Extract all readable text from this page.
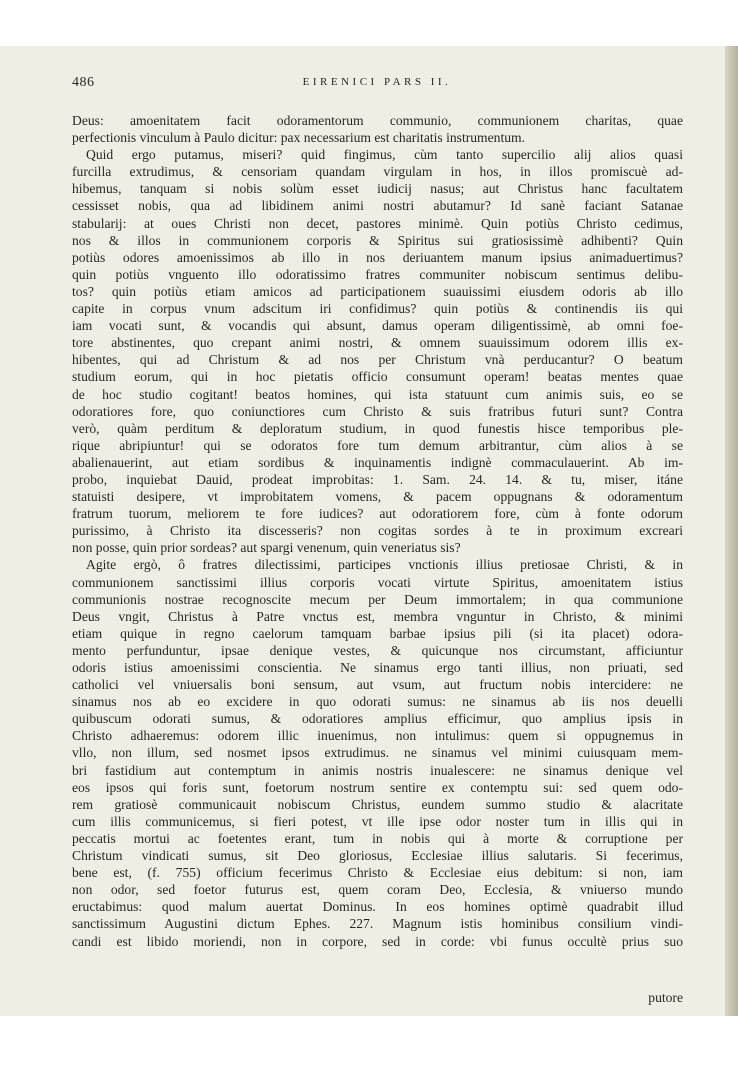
486	EIRENICI PARS II.

Deus: amoenitatem facit odoramentorum communio, communionem charitas, quae

perfectionis vinculum à Paulo dicitur: pax necessarium est charitatis instrumentum.

Quid ergo putamus, miseri? quid fingimus, cùm tanto supercilio alij alios quasi

furcilla extrudimus, & censoriam quandam virgulam in hos, in illos promiscuè ad-

hibemus, tanquam si nobis solùm esset iudicij nasus; aut Christus hanc facultatem

cessisset nobis, qua ad libidinem animi nostri abutamur? Id sanè faciant Satanae

stabularij: at oues Christi non decet, pastores minimè. Quin potiùs Christo cedimus,

nos & illos in communionem corporis & Spiritus sui gratiosissimè adhibenti? Quin

potiùs odores amoenissimos ab illo in nos deriuantem manum ipsius animaduertimus?

quin potiùs vnguento illo odoratissimo fratres communiter nobiscum sentimus delibu-

tos? quin potiùs etiam amicos ad participationem suauissimi eiusdem odoris ab illo

capite in corpus vnum adscitum iri confidimus? quin potiùs & continendis iis qui

iam vocati sunt, & vocandis qui absunt, damus operam diligentissimè, ab omni foe-

tore abstinentes, quo crepant animi nostri, & omnem suauissimum odorem illis ex-

hibentes, qui ad Christum & ad nos per Christum vnà perducantur? O beatum

studium eorum, qui in hoc pietatis officio consumunt operam! beatas mentes quae

de hoc studio cogitant! beatos homines, qui ista statuunt cum animis suis, eo se

odoratiores fore, quo coniunctiores cum Christo & suis fratribus futuri sunt? Contra

verò, quàm perditum & deploratum studium, in quod funestis hisce temporibus ple-

rique abripiuntur! qui se odoratos fore tum demum arbitrantur, cùm alios à se

abalienauerint, aut etiam sordibus & inquinamentis indignè commaculauerint. Ab im-

probo, inquiebat Dauid, prodeat improbitas: 1. Sam. 24. 14. & tu, miser, itáne

statuisti desipere, vt improbitatem vomens, & pacem oppugnans & odoramentum

fratrum tuorum, meliorem te fore iudices? aut odoratiorem fore, cùm à fonte odorum

purissimo, à Christo ita discesseris? non cogitas sordes à te in proximum excreari

non posse, quin prior sordeas? aut spargi venenum, quin veneriatus sis?

Agite ergò, ô fratres dilectissimi, participes vnctionis illius pretiosae Christi, & in

communionem sanctissimi illius corporis vocati virtute Spiritus, amoenitatem istius

communionis nostrae recognoscite mecum per Deum immortalem; in qua communione

Deus vngit, Christus à Patre vnctus est, membra vnguntur in Christo, & minimi

etiam quique in regno caelorum tamquam barbae ipsius pili (si ita placet) odora-

mento perfunduntur, ipsae denique vestes, & quicunque nos circumstant, afficiuntur

odoris istius amoenissimi conscientia. Ne sinamus ergo tanti illius, non priuati, sed

catholici vel vniuersalis boni sensum, aut vsum, aut fructum nobis intercidere: ne

sinamus nos ab eo excidere in quo odorati sumus: ne sinamus ab iis nos deuelli

quibuscum odorati sumus, & odoratiores amplius efficimur, quo amplius ipsis in

Christo adhaeremus: odorem illic inuenimus, non intulimus: quem si oppugnemus in

vllo, non illum, sed nosmet ipsos extrudimus. ne sinamus vel minimi cuiusquam mem-

bri fastidium aut contemptum in animis nostris inualescere: ne sinamus denique vel

eos ipsos qui foris sunt, foetorum nostrum sentire ex contemptu sui: sed quem odo-

rem gratiosè communicauit nobiscum Christus, eundem summo studio & alacritate

cum illis communicemus, si fieri potest, vt ille ipse odor noster tum in illis qui in

peccatis mortui ac foetentes erant, tum in nobis qui à morte & corruptione per

Christum vindicati sumus, sit Deo gloriosus, Ecclesiae illius salutaris. Si fecerimus,

bene est, (f. 755) officium fecerimus Christo & Ecclesiae eius debitum: si non, iam

non odor, sed foetor futurus est, quem coram Deo, Ecclesia, & vniuerso mundo

eructabimus: quod malum auertat Dominus. In eos homines optimè quadrabit illud

sanctissimum Augustini dictum Ephes. 227. Magnum istis hominibus consilium vindi-

candi est libido moriendi, non in corpore, sed in corde: vbi funus occultè prius suo

putore
